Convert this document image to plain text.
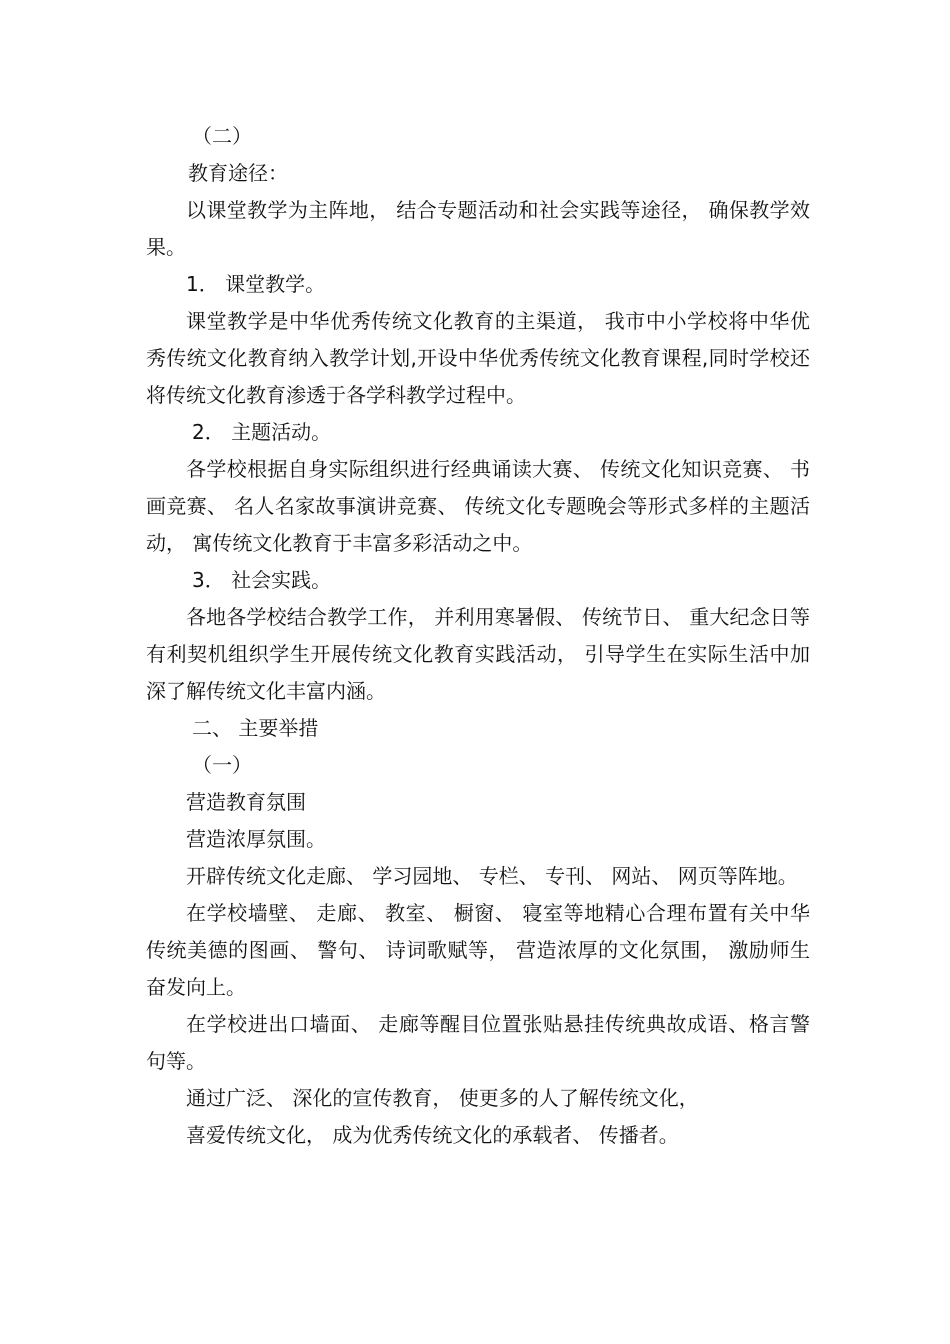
（二）
教育途径：
以课堂教学为主阵地， 结合专题活动和社会实践等途径， 确保教学效果。
1． 课堂教学。
课堂教学是中华优秀传统文化教育的主渠道， 我市中小学校将中华优秀传统文化教育纳入教学计划,开设中华优秀传统文化教育课程,同时学校还将传统文化教育渗透于各学科教学过程中。
2． 主题活动。
各学校根据自身实际组织进行经典诵读大赛、 传统文化知识竞赛、 书画竞赛、 名人名家故事演讲竞赛、 传统文化专题晚会等形式多样的主题活动， 寓传统文化教育于丰富多彩活动之中。
3． 社会实践。
各地各学校结合教学工作， 并利用寒暑假、 传统节日、 重大纪念日等有利契机组织学生开展传统文化教育实践活动， 引导学生在实际生活中加深了解传统文化丰富内涵。
二、 主要举措
（一）
营造教育氛围
营造浓厚氛围。
开辟传统文化走廊、 学习园地、 专栏、 专刊、 网站、 网页等阵地。
在学校墙壁、 走廊、 教室、 橱窗、 寝室等地精心合理布置有关中华传统美德的图画、 警句、 诗词歌赋等， 营造浓厚的文化氛围， 激励师生奋发向上。
在学校进出口墙面、 走廊等醒目位置张贴悬挂传统典故成语、格言警句等。
通过广泛、 深化的宣传教育， 使更多的人了解传统文化，
喜爱传统文化， 成为优秀传统文化的承载者、 传播者。
